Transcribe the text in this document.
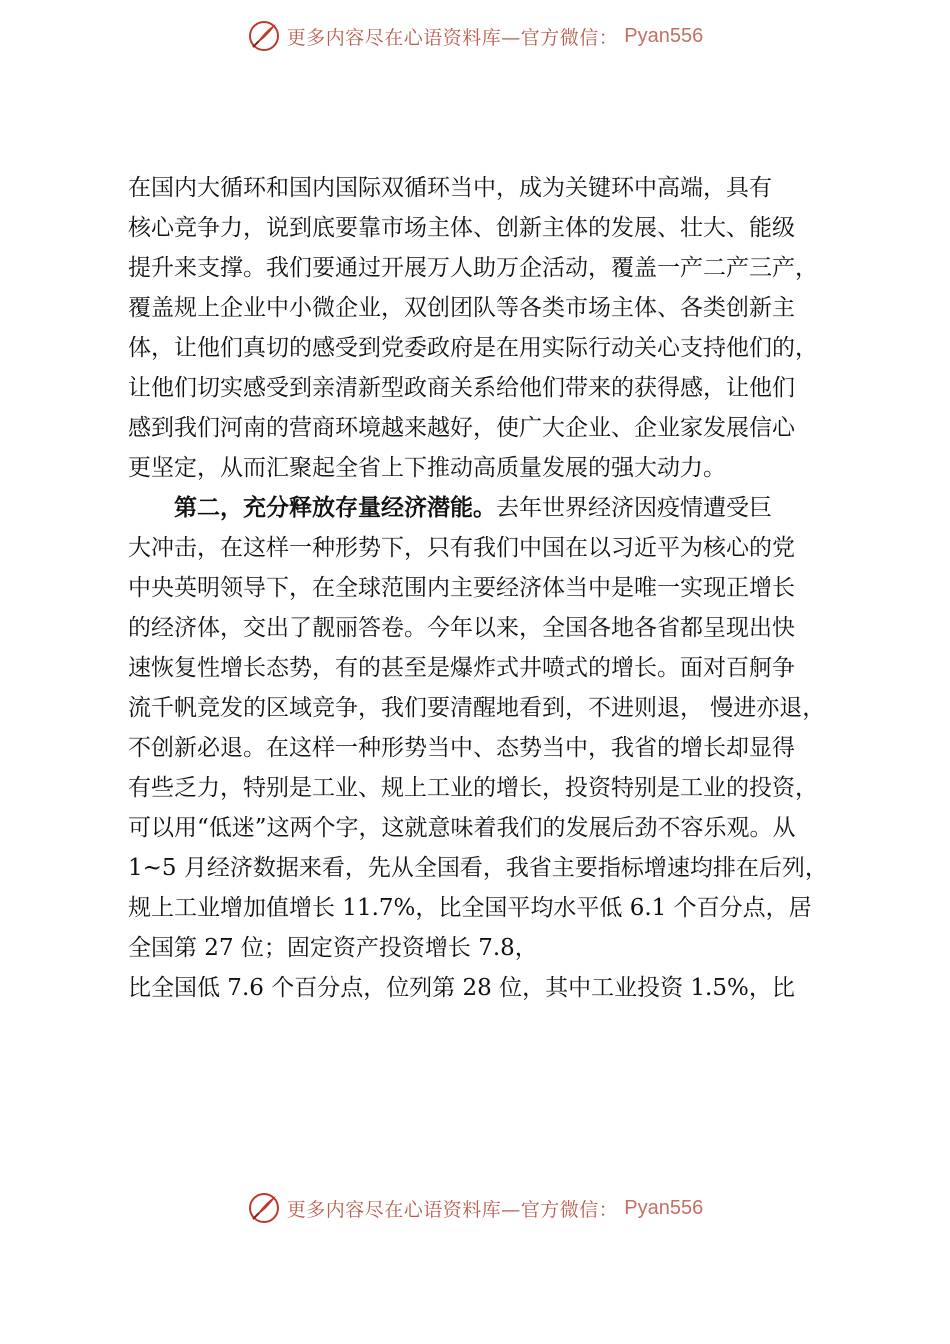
更多内容尽在心语资料库—官方微信： Pyan556
在国内大循环和国内国际双循环当中，成为关键环中高端，具有
核心竞争力，说到底要靠市场主体、创新主体的发展、壮大、能级
提升来支撑。我们要通过开展万人助万企活动，覆盖一产二产三产，
覆盖规上企业中小微企业，双创团队等各类市场主体、各类创新主
体，让他们真切的感受到党委政府是在用实际行动关心支持他们的，
让他们切实感受到亲清新型政商关系给他们带来的获得感，让他们
感到我们河南的营商环境越来越好，使广大企业、企业家发展信心
更坚定，从而汇聚起全省上下推动高质量发展的强大动力。
第二，充分释放存量经济潜能。去年世界经济因疫情遭受巨
大冲击，在这样一种形势下，只有我们中国在以习近平为核心的党
中央英明领导下，在全球范围内主要经济体当中是唯一实现正增长
的经济体，交出了靓丽答卷。今年以来，全国各地各省都呈现出快
速恢复性增长态势，有的甚至是爆炸式井喷式的增长。面对百舸争
流千帆竞发的区域竞争，我们要清醒地看到，不进则退， 慢进亦退，
不创新必退。在这样一种形势当中、态势当中，我省的增长却显得
有些乏力，特别是工业、规上工业的增长，投资特别是工业的投资，
可以用“低迷”这两个字，这就意味着我们的发展后劲不容乐观。从
1~5 月经济数据来看，先从全国看，我省主要指标增速均排在后列，
规上工业增加值增长 11.7%，比全国平均水平低 6.1 个百分点，居
全国第 27 位；固定资产投资增长 7.8，
比全国低 7.6 个百分点，位列第 28 位，其中工业投资 1.5%，比
更多内容尽在心语资料库—官方微信： Pyan556
